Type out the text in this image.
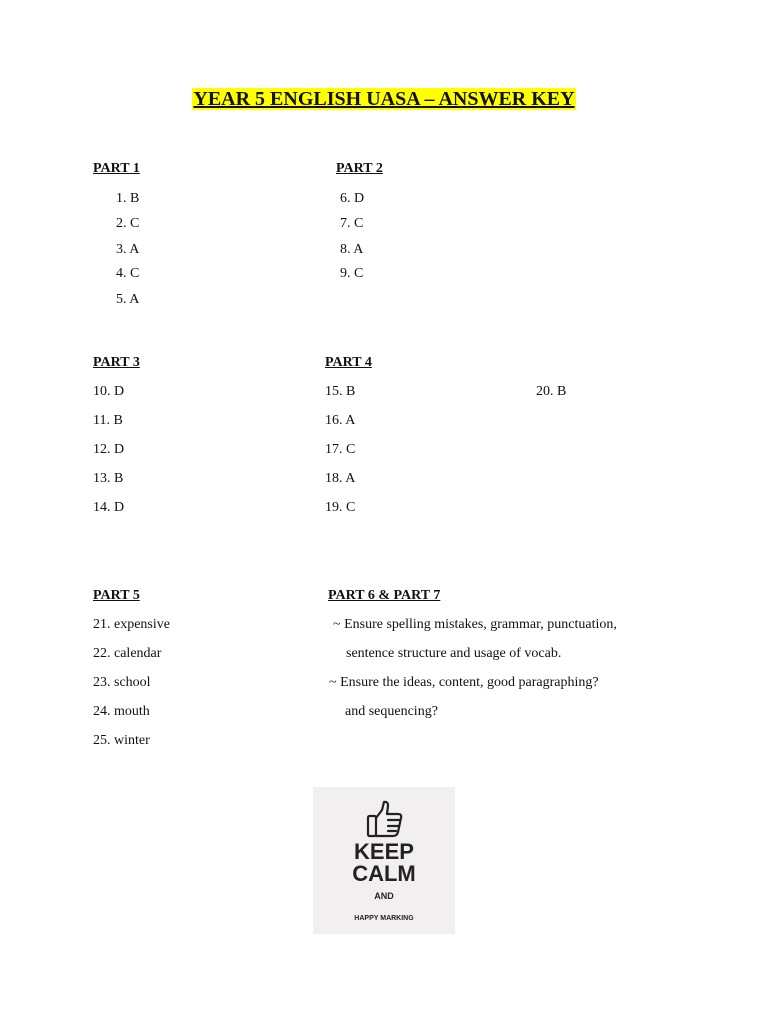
YEAR 5 ENGLISH UASA – ANSWER KEY
PART 1
1. B
2. C
3. A
4. C
5. A
PART 2
6. D
7. C
8. A
9. C
PART 3
10. D
11. B
12. D
13. B
14. D
PART 4
15. B
16. A
17. C
18. A
19. C
20. B
PART 5
21. expensive
22. calendar
23. school
24. mouth
25. winter
PART 6 & PART 7
~ Ensure spelling mistakes, grammar, punctuation,
sentence structure and usage of vocab.
~ Ensure the ideas, content, good paragraphing?
and sequencing?
KEEP
CALM
AND
HAPPY MARKING
